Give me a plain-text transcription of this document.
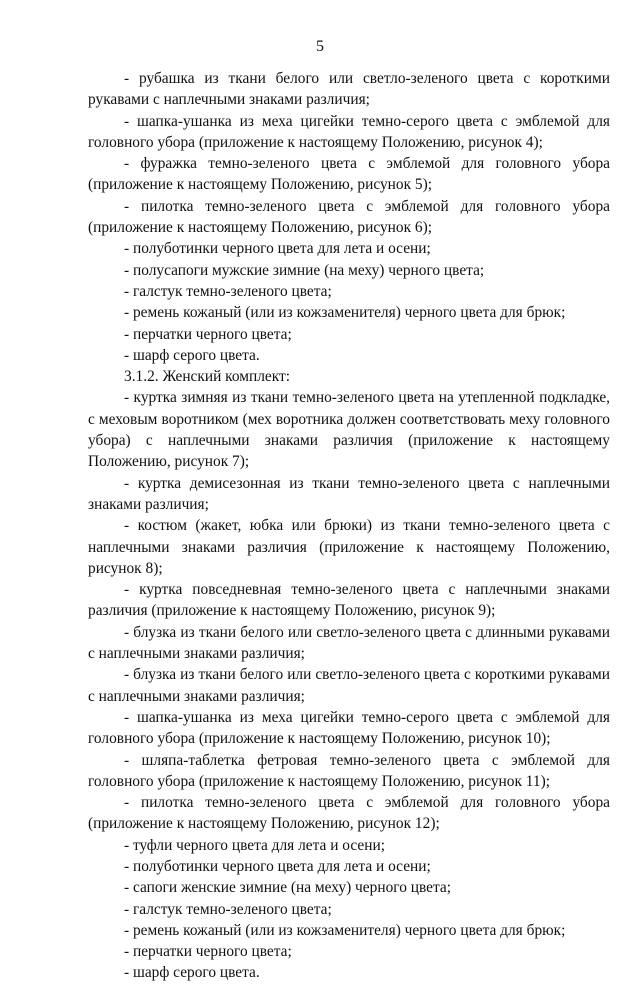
5

- рубашка из ткани белого или светло-зеленого цвета с короткими рукавами с наплечными знаками различия;

- шапка-ушанка из меха цигейки темно-серого цвета с эмблемой для головного убора (приложение к настоящему Положению, рисунок 4);

- фуражка темно-зеленого цвета с эмблемой для головного убора (приложение к настоящему Положению, рисунок 5);

- пилотка темно-зеленого цвета с эмблемой для головного убора (приложение к настоящему Положению, рисунок 6);

- полуботинки черного цвета для лета и осени;

- полусапоги мужские зимние (на меху) черного цвета;

- галстук темно-зеленого цвета;

- ремень кожаный (или из кожзаменителя) черного цвета для брюк;

- перчатки черного цвета;

- шарф серого цвета.

3.1.2. Женский комплект:

- куртка зимняя из ткани темно-зеленого цвета на утепленной подкладке, с меховым воротником (мех воротника должен соответствовать меху головного убора) с наплечными знаками различия (приложение к настоящему Положению, рисунок 7);

- куртка демисезонная из ткани темно-зеленого цвета с наплечными знаками различия;

- костюм (жакет, юбка или брюки) из ткани темно-зеленого цвета с наплечными знаками различия (приложение к настоящему Положению, рисунок 8);

- куртка повседневная темно-зеленого цвета с наплечными знаками различия (приложение к настоящему Положению, рисунок 9);

- блузка из ткани белого или светло-зеленого цвета с длинными рукавами с наплечными знаками различия;

- блузка из ткани белого или светло-зеленого цвета с короткими рукавами с наплечными знаками различия;

- шапка-ушанка из меха цигейки темно-серого цвета с эмблемой для головного убора (приложение к настоящему Положению, рисунок 10);

- шляпа-таблетка фетровая темно-зеленого цвета с эмблемой для головного убора (приложение к настоящему Положению, рисунок 11);

- пилотка темно-зеленого цвета с эмблемой для головного убора (приложение к настоящему Положению, рисунок 12);

- туфли черного цвета для лета и осени;

- полуботинки черного цвета для лета и осени;

- сапоги женские зимние (на меху) черного цвета;

- галстук темно-зеленого цвета;

- ремень кожаный (или из кожзаменителя) черного цвета для брюк;

- перчатки черного цвета;

- шарф серого цвета.
